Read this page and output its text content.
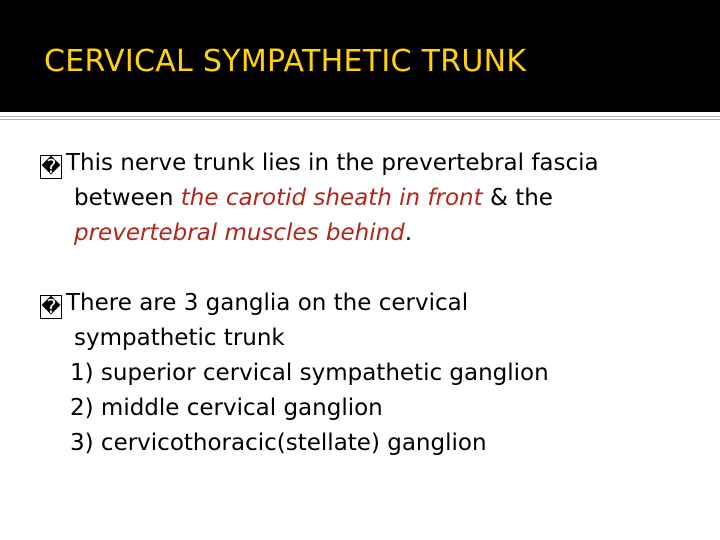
CERVICAL SYMPATHETIC TRUNK
� This nerve trunk lies in the prevertebral fascia
between the carotid sheath in front & the
prevertebral muscles behind.
� There are 3 ganglia on the cervical
sympathetic trunk
1) superior cervical sympathetic ganglion
2) middle cervical ganglion
3) cervicothoracic(stellate) ganglion
